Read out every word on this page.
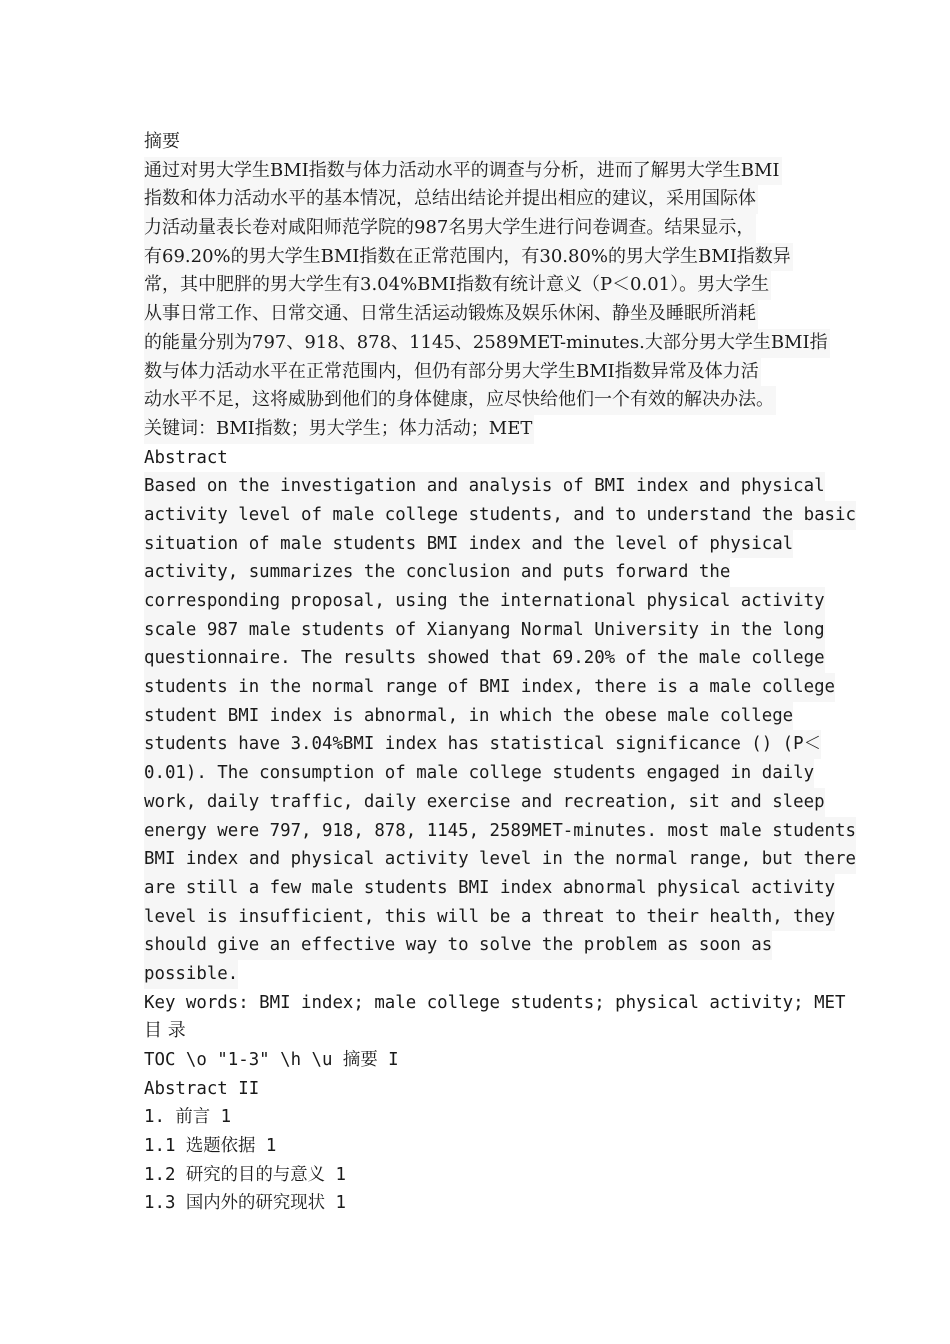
摘要
通过对男大学生BMI指数与体力活动水平的调查与分析，进而了解男大学生BMI
指数和体力活动水平的基本情况，总结出结论并提出相应的建议，采用国际体
力活动量表长卷对咸阳师范学院的987名男大学生进行问卷调查。结果显示，
有69.20%的男大学生BMI指数在正常范围内，有30.80%的男大学生BMI指数异
常，其中肥胖的男大学生有3.04%BMI指数有统计意义（P＜0.01）。男大学生
从事日常工作、日常交通、日常生活运动锻炼及娱乐休闲、静坐及睡眠所消耗
的能量分别为797、918、878、1145、2589MET-minutes.大部分男大学生BMI指
数与体力活动水平在正常范围内，但仍有部分男大学生BMI指数异常及体力活
动水平不足，这将威胁到他们的身体健康，应尽快给他们一个有效的解决办法。
关键词：BMI指数；男大学生；体力活动；MET
Abstract
Based on the investigation and analysis of BMI index and physical
activity level of male college students, and to understand the basic
situation of male students BMI index and the level of physical
activity, summarizes the conclusion and puts forward the
corresponding proposal, using the international physical activity
scale 987 male students of Xianyang Normal University in the long
questionnaire. The results showed that 69.20% of the male college
students in the normal range of BMI index, there is a male college
student BMI index is abnormal, in which the obese male college
students have 3.04%BMI index has statistical significance () (P＜
0.01). The consumption of male college students engaged in daily
work, daily traffic, daily exercise and recreation, sit and sleep
energy were 797, 918, 878, 1145, 2589MET-minutes. most male students
BMI index and physical activity level in the normal range, but there
are still a few male students BMI index abnormal physical activity
level is insufficient, this will be a threat to their health, they
should give an effective way to solve the problem as soon as
possible.
Key words: BMI index; male college students; physical activity; MET
目 录
TOC \o "1-3" \h \u 摘要 I
Abstract II
1. 前言 1
1.1 选题依据 1
1.2 研究的目的与意义 1
1.3 国内外的研究现状 1
